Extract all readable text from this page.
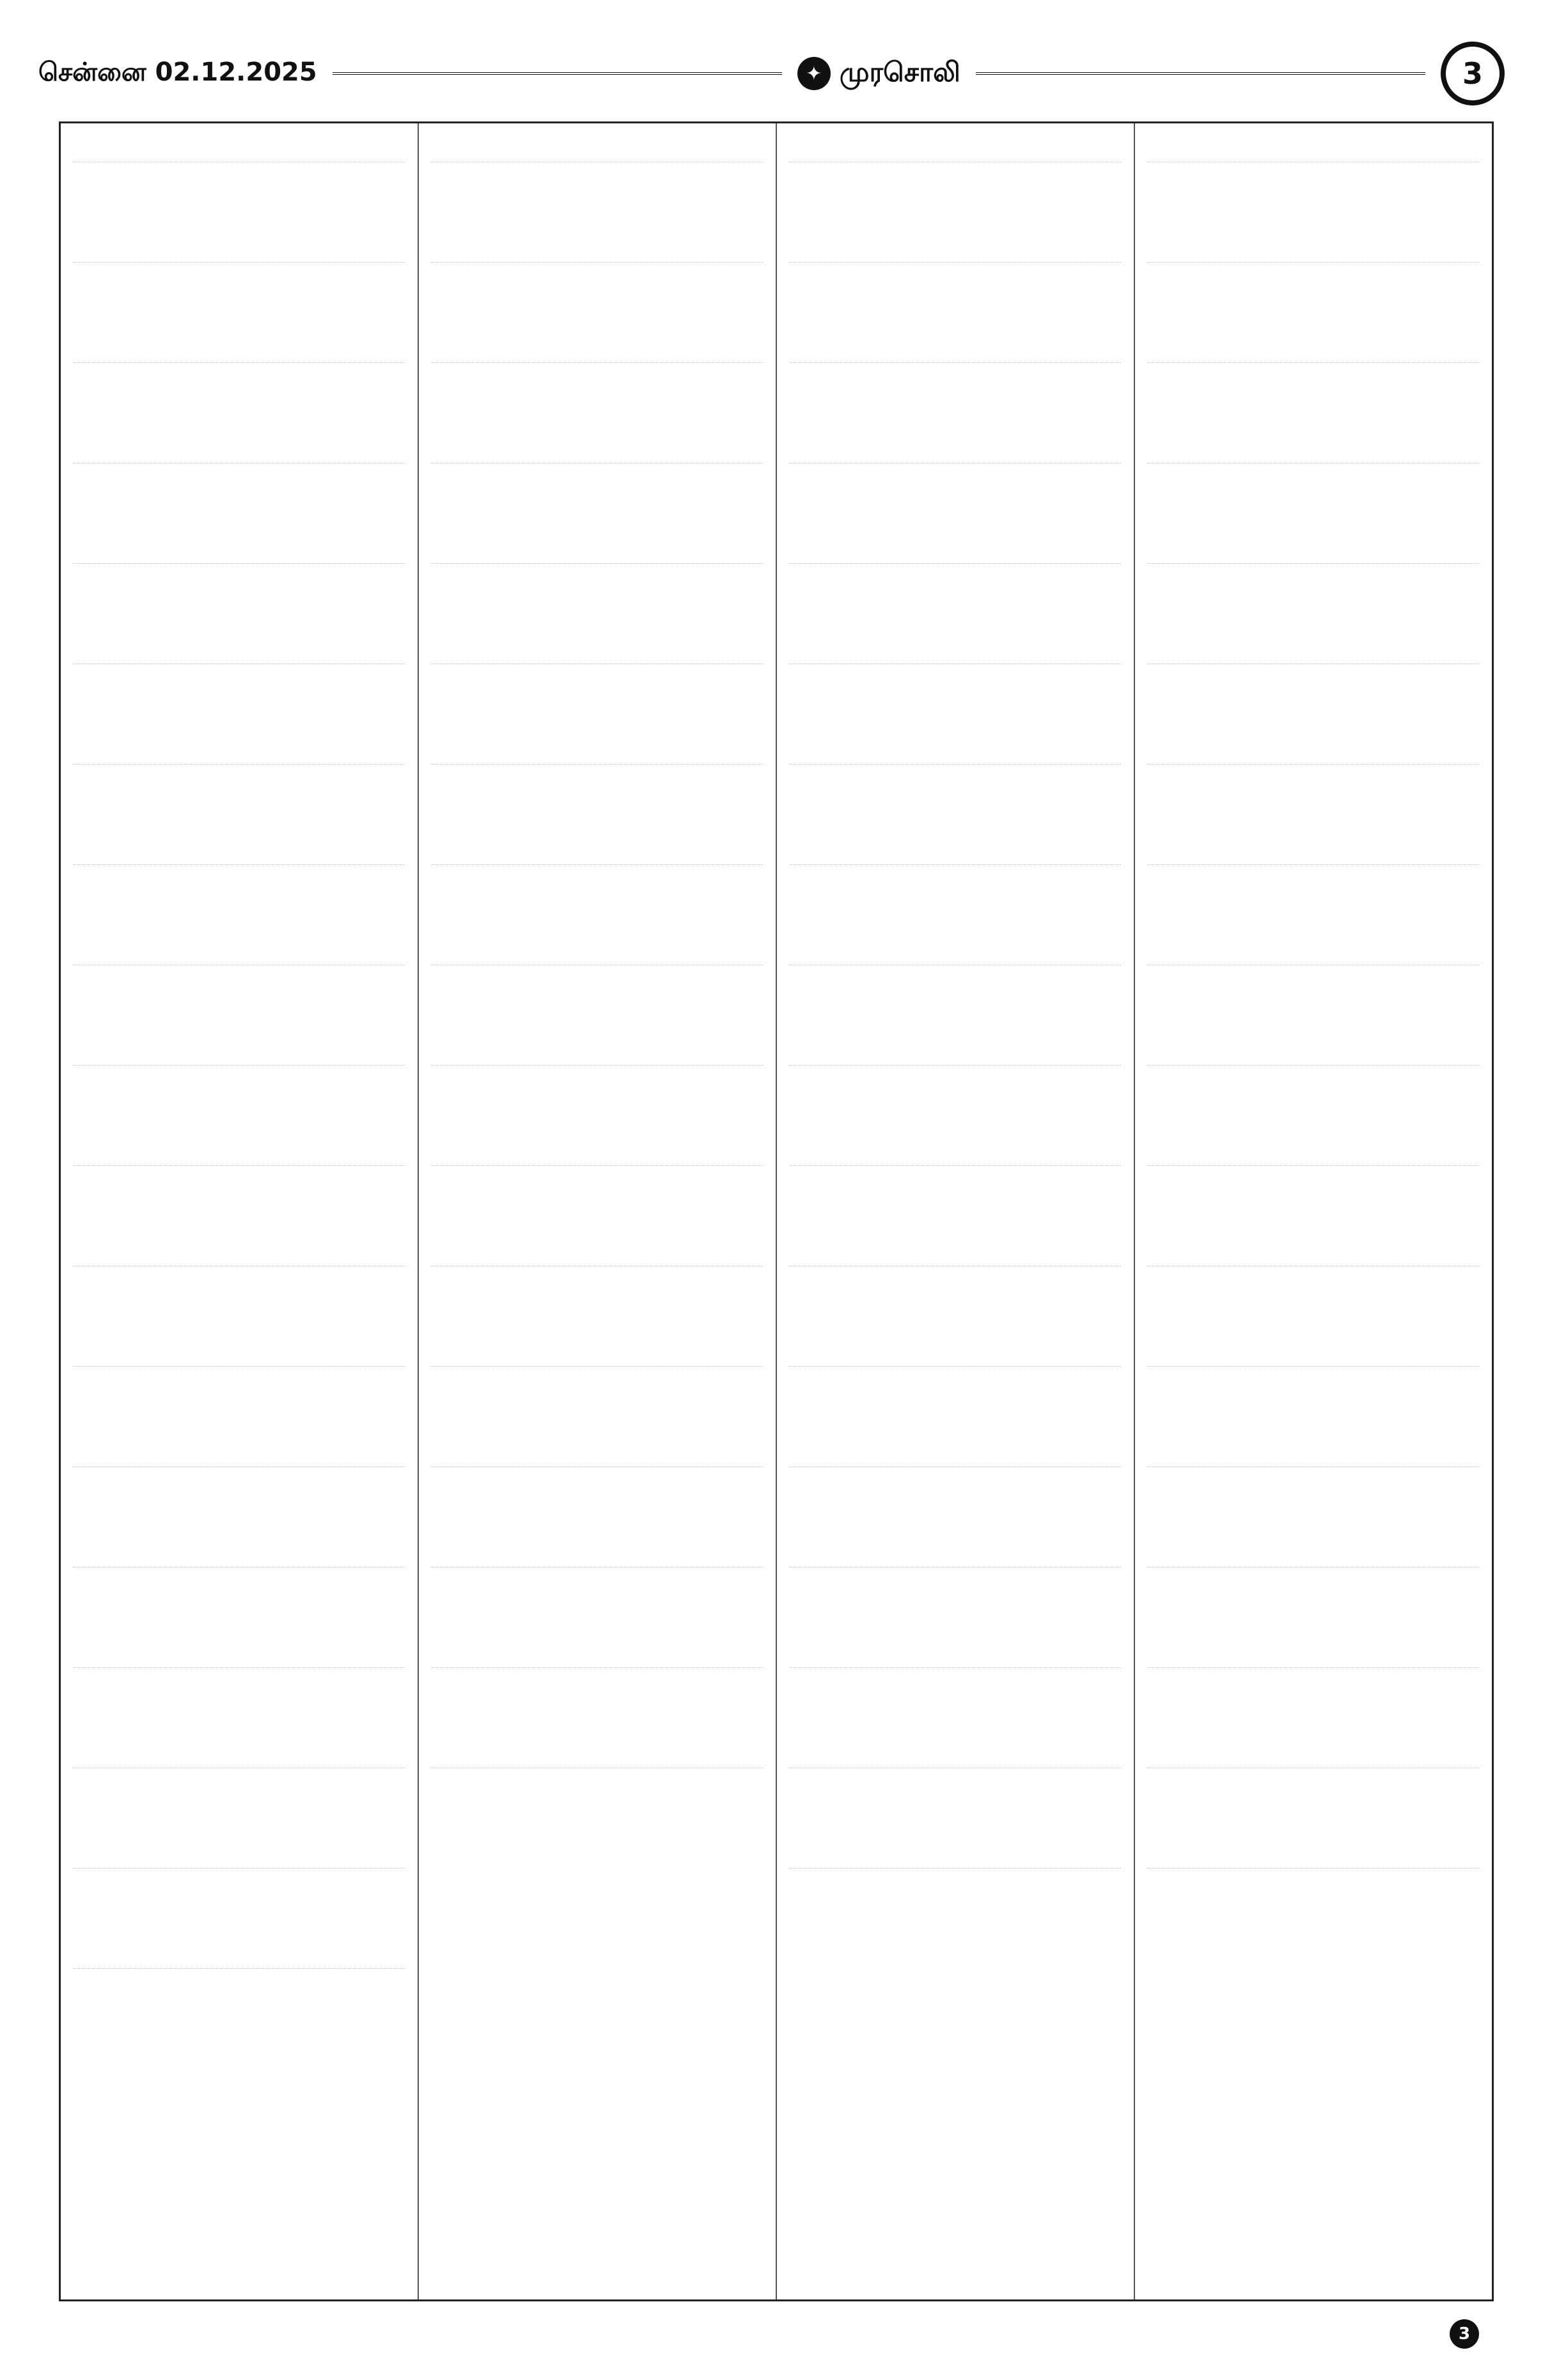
சென்னை 02.12.2025	✦ முரசொலி	3
3
